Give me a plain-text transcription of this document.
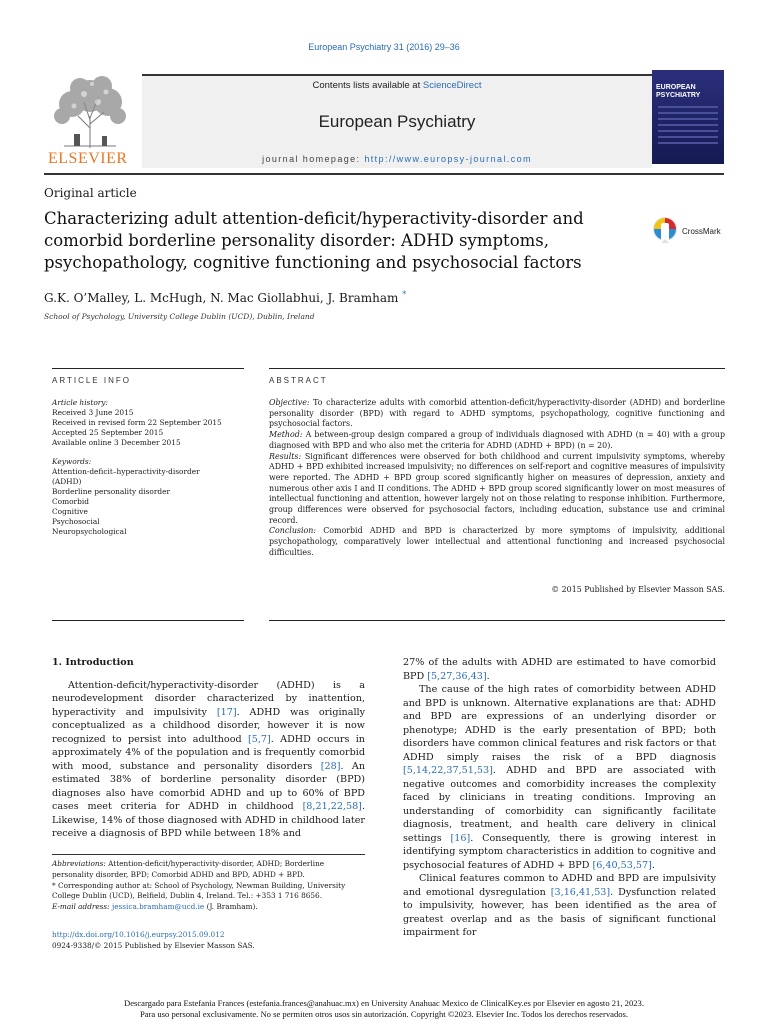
European Psychiatry 31 (2016) 29–36
ELSEVIER
Contents lists available at ScienceDirect
European Psychiatry
journal homepage: http://www.europsy-journal.com
EUROPEAN
PSYCHIATRY
Original article
Characterizing adult attention-deficit/hyperactivity-disorder and comorbid borderline personality disorder: ADHD symptoms, psychopathology, cognitive functioning and psychosocial factors
CrossMark
G.K. O’Malley, L. McHugh, N. Mac Giollabhui, J. Bramham *
School of Psychology, University College Dublin (UCD), Dublin, Ireland
ARTICLE INFO	ABSTRACT
Article history:
Received 3 June 2015
Received in revised form 22 September 2015
Accepted 25 September 2015
Available online 3 December 2015
Keywords:
Attention-deficit–hyperactivity-disorder
(ADHD)
Borderline personality disorder
Comorbid
Cognitive
Psychosocial
Neuropsychological
Objective: To characterize adults with comorbid attention-deficit/hyperactivity-disorder (ADHD) and borderline personality disorder (BPD) with regard to ADHD symptoms, psychopathology, cognitive functioning and psychosocial factors.
Method: A between-group design compared a group of individuals diagnosed with ADHD (n = 40) with a group diagnosed with BPD and who also met the criteria for ADHD (ADHD + BPD) (n = 20).
Results: Significant differences were observed for both childhood and current impulsivity symptoms, whereby ADHD + BPD exhibited increased impulsivity; no differences on self-report and cognitive measures of impulsivity were reported. The ADHD + BPD group scored significantly higher on measures of depression, anxiety and numerous other axis I and II conditions. The ADHD + BPD group scored significantly lower on most measures of intellectual functioning and attention, however largely not on those relating to response inhibition. Furthermore, group differences were observed for psychosocial factors, including education, substance use and criminal record.
Conclusion: Comorbid ADHD and BPD is characterized by more symptoms of impulsivity, additional psychopathology, comparatively lower intellectual and attentional functioning and increased psychosocial difficulties.
© 2015 Published by Elsevier Masson SAS.
1. Introduction

Attention-deficit/hyperactivity-disorder (ADHD) is a neurodevelopment disorder characterized by inattention, hyperactivity and impulsivity [17]. ADHD was originally conceptualized as a childhood disorder, however it is now recognized to persist into adulthood [5,7]. ADHD occurs in approximately 4% of the population and is frequently comorbid with mood, substance and personality disorders [28]. An estimated 38% of borderline personality disorder (BPD) diagnoses also have comorbid ADHD and up to 60% of BPD cases meet criteria for ADHD in childhood [8,21,22,58]. Likewise, 14% of those diagnosed with ADHD in childhood later receive a diagnosis of BPD while between 18% and

27% of the adults with ADHD are estimated to have comorbid BPD [5,27,36,43].

The cause of the high rates of comorbidity between ADHD and BPD is unknown. Alternative explanations are that: ADHD and BPD are expressions of an underlying disorder or phenotype; ADHD is the early presentation of BPD; both disorders have common clinical features and risk factors or that ADHD simply raises the risk of a BPD diagnosis [5,14,22,37,51,53]. ADHD and BPD are associated with negative outcomes and comorbidity increases the complexity faced by clinicians in treating conditions. Improving an understanding of comorbidity can significantly facilitate diagnosis, treatment, and health care delivery in clinical settings [16]. Consequently, there is growing interest in identifying symptom characteristics in addition to cognitive and psychosocial features of ADHD + BPD [6,40,53,57].

Clinical features common to ADHD and BPD are impulsivity and emotional dysregulation [3,16,41,53]. Dysfunction related to impulsivity, however, has been identified as the area of greatest overlap and as the basis of significant functional impairment for

Abbreviations: Attention-deficit/hyperactivity-disorder, ADHD; Borderline personality disorder, BPD; Comorbid ADHD and BPD, ADHD + BPD.
* Corresponding author at: School of Psychology, Newman Building, University College Dublin (UCD), Belfield, Dublin 4, Ireland. Tel.: +353 1 716 8656.
E-mail address: jessica.bramham@ucd.ie (J. Bramham).
http://dx.doi.org/10.1016/j.eurpsy.2015.09.012
0924-9338/© 2015 Published by Elsevier Masson SAS.
Descargado para Estefania Frances (estefania.frances@anahuac.mx) en University Anahuac Mexico de ClinicalKey.es por Elsevier en agosto 21, 2023.
Para uso personal exclusivamente. No se permiten otros usos sin autorización. Copyright ©2023. Elsevier Inc. Todos los derechos reservados.
